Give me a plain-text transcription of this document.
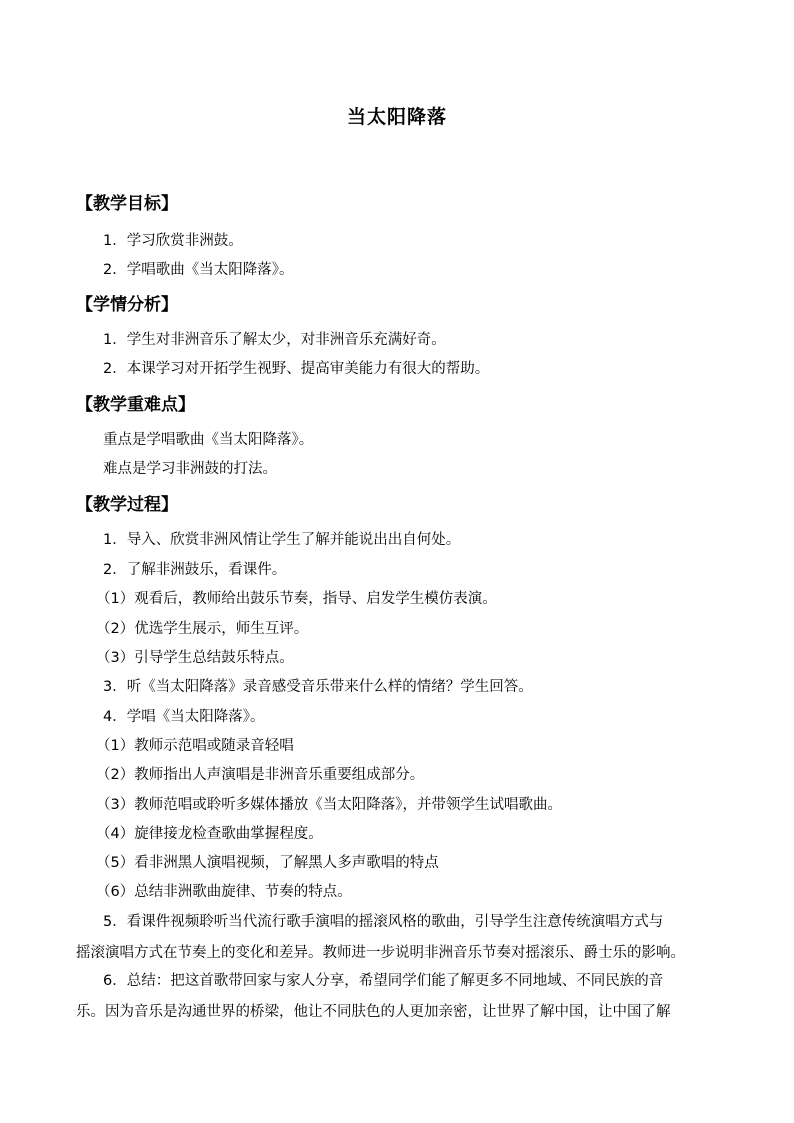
当太阳降落
【教学目标】
1．学习欣赏非洲鼓。
2．学唱歌曲《当太阳降落》。
【学情分析】
1．学生对非洲音乐了解太少，对非洲音乐充满好奇。
2．本课学习对开拓学生视野、提高审美能力有很大的帮助。
【教学重难点】
重点是学唱歌曲《当太阳降落》。
难点是学习非洲鼓的打法。
【教学过程】
1．导入、欣赏非洲风情让学生了解并能说出出自何处。
2．了解非洲鼓乐，看课件。
（1）观看后，教师给出鼓乐节奏，指导、启发学生模仿表演。
（2）优选学生展示，师生互评。
（3）引导学生总结鼓乐特点。
3．听《当太阳降落》录音感受音乐带来什么样的情绪？学生回答。
4．学唱《当太阳降落》。
（1）教师示范唱或随录音轻唱
（2）教师指出人声演唱是非洲音乐重要组成部分。
（3）教师范唱或聆听多媒体播放《当太阳降落》，并带领学生试唱歌曲。
（4）旋律接龙检查歌曲掌握程度。
（5）看非洲黑人演唱视频，了解黑人多声歌唱的特点
（6）总结非洲歌曲旋律、节奏的特点。
5．看课件视频聆听当代流行歌手演唱的摇滚风格的歌曲，引导学生注意传统演唱方式与
摇滚演唱方式在节奏上的变化和差异。教师进一步说明非洲音乐节奏对摇滚乐、爵士乐的影响。
6．总结：把这首歌带回家与家人分享，希望同学们能了解更多不同地域、不同民族的音
乐。因为音乐是沟通世界的桥梁，他让不同肤色的人更加亲密，让世界了解中国，让中国了解
